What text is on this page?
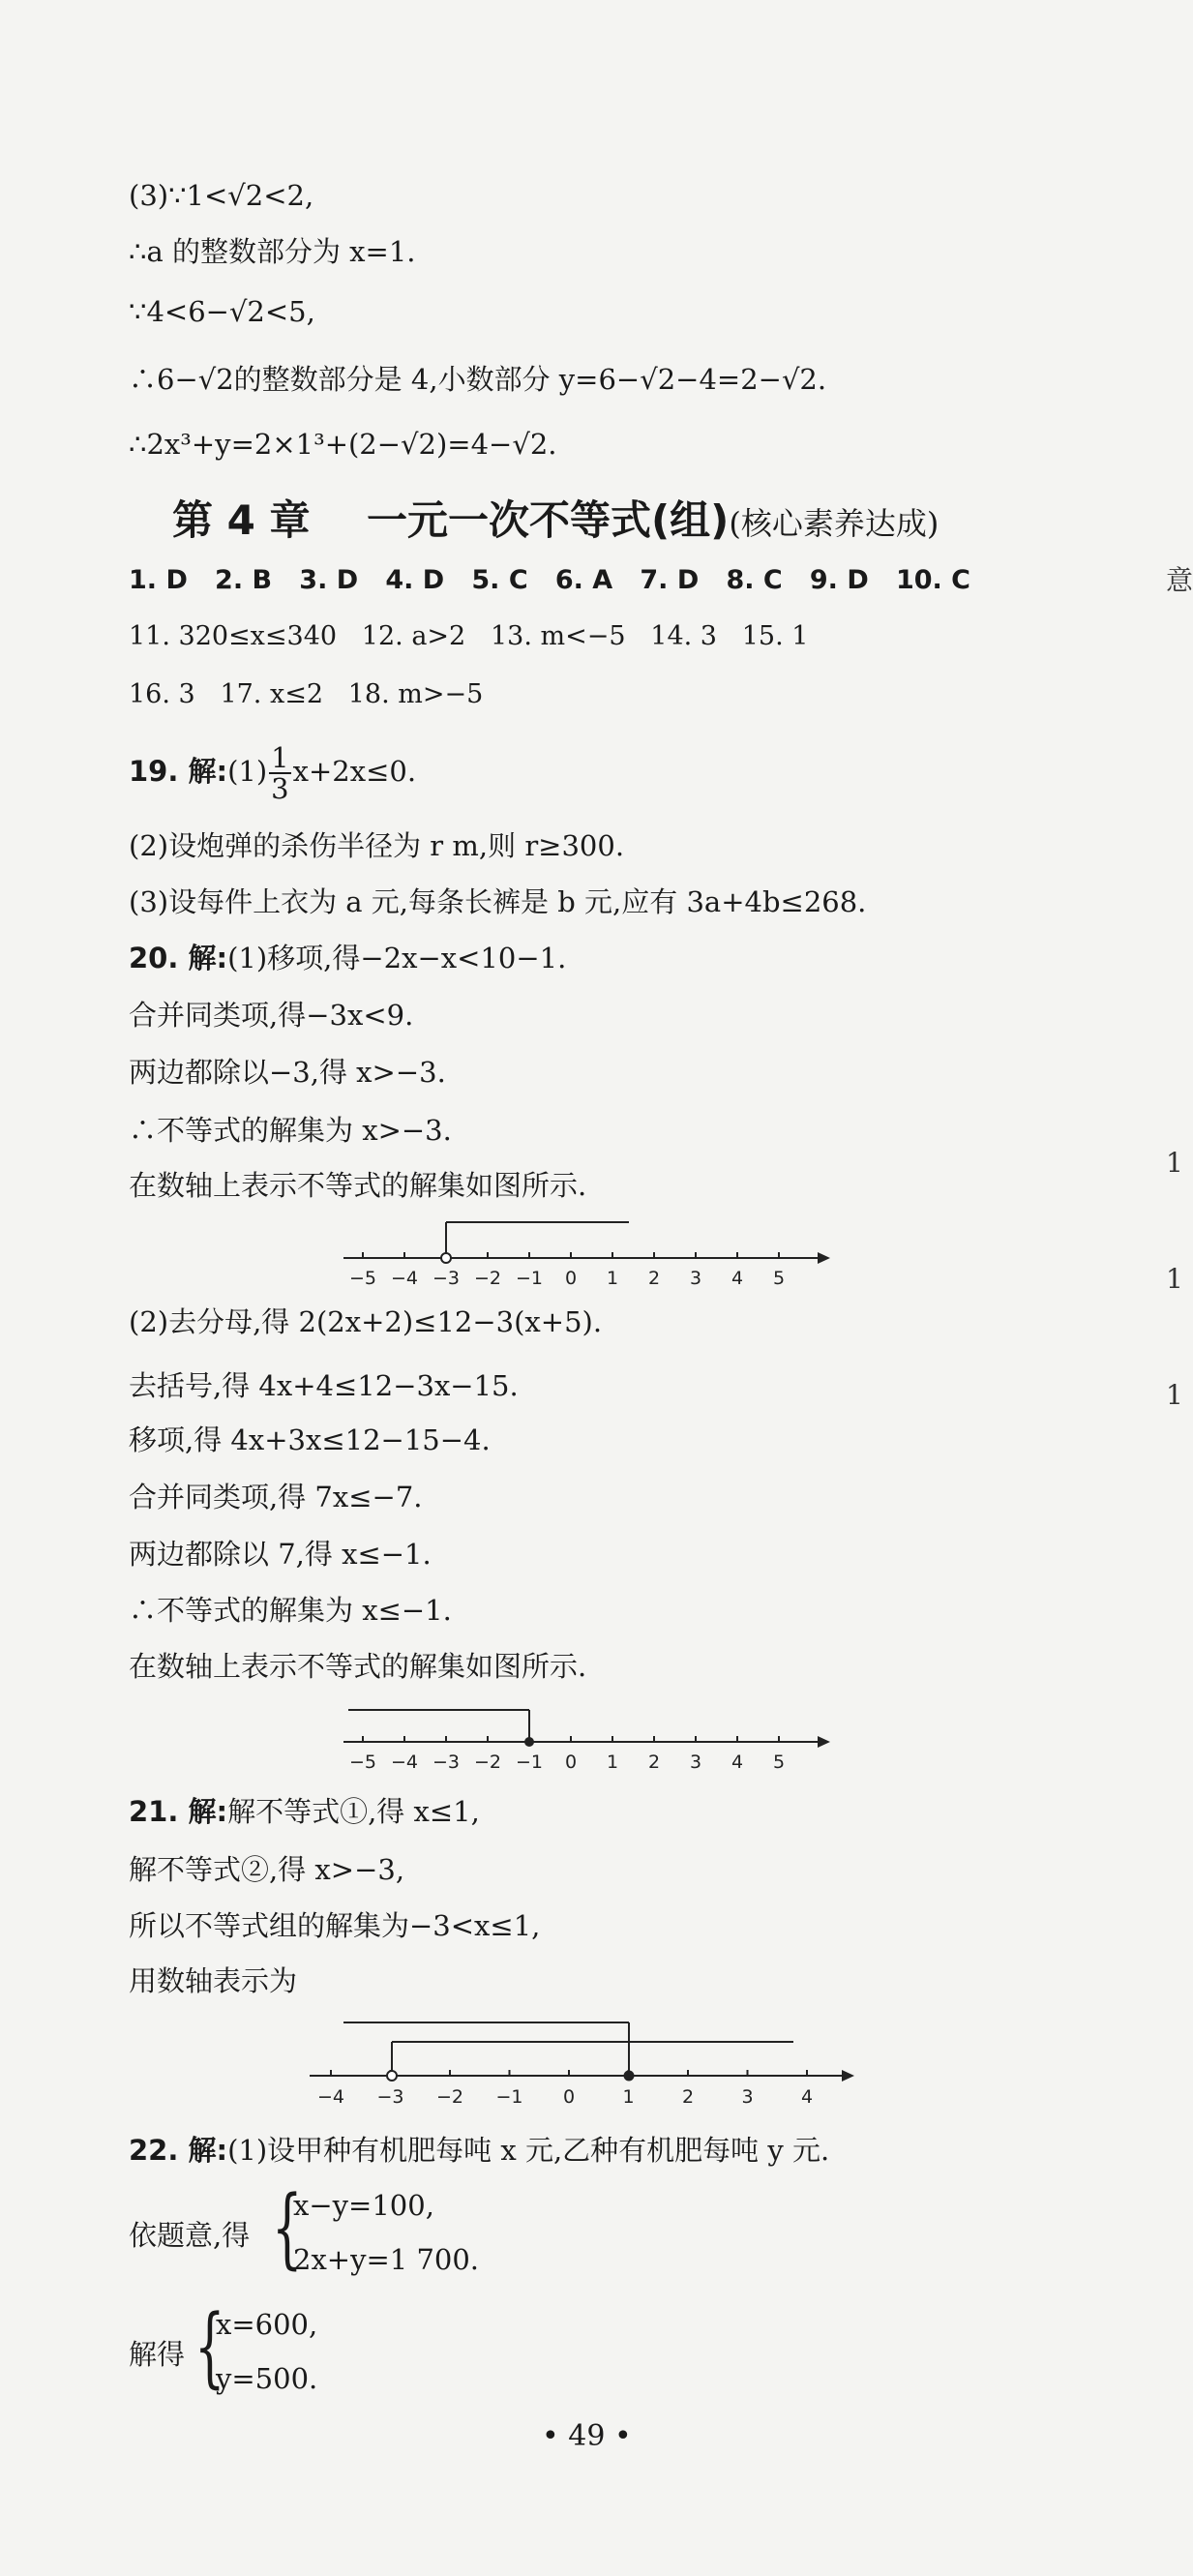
(3)∵1<√2<2,
∴a 的整数部分为 x=1.
∵4<6−√2<5,
∴6−√2的整数部分是 4,小数部分 y=6−√2−4=2−√2.
∴2x³+y=2×1³+(2−√2)=4−√2.
第 4 章    一元一次不等式(组)(核心素养达成)
1. D   2. B   3. D   4. D   5. C   6. A   7. D   8. C   9. D   10. C
11. 320≤x≤340   12. a>2   13. m<−5   14. 3   15. 1
16. 3   17. x≤2   18. m>−5
19. 解:(1) $\frac{1}{3} x+2x\le 0$.
(2)设炮弹的杀伤半径为 r m,则 r≥300.
(3)设每件上衣为 a 元,每条长裤是 b 元,应有 3a+4b≤268.
20. 解:(1)移项,得−2x−x<10−1.
合并同类项,得−3x<9.
两边都除以−3,得 x>−3.
∴不等式的解集为 x>−3.
在数轴上表示不等式的解集如图所示.
−5 −4 −3 −2 −1 0 1 2 3 4 5
(2)去分母,得 2(2x+2)≤12−3(x+5).
去括号,得 4x+4≤12−3x−15.
移项,得 4x+3x≤12−15−4.
合并同类项,得 7x≤−7.
两边都除以 7,得 x≤−1.
∴不等式的解集为 x≤−1.
在数轴上表示不等式的解集如图所示.
−5 −4 −3 −2 −1 0 1 2 3 4 5
21. 解:解不等式①,得 x≤1,
解不等式②,得 x>−3,
所以不等式组的解集为−3<x≤1,
用数轴表示为
−4 −3 −2 −1 0	1	2	3	4
22. 解:(1)设甲种有机肥每吨 x 元,乙种有机肥每吨 y 元.
依题意,得 {
x−y=100,
2x+y=1 700.
解得 {
x=600,
y=500.
意
1
1
1
• 49 •
